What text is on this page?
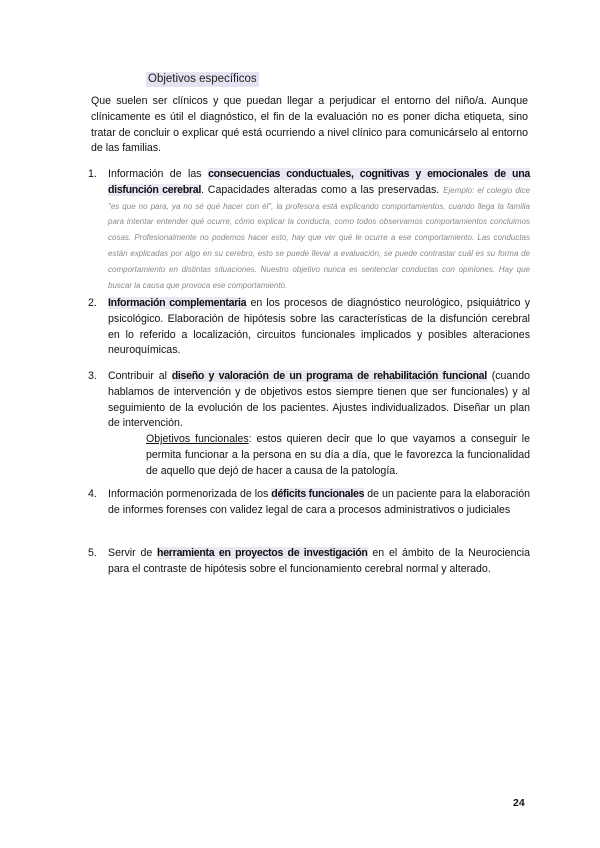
Objetivos específicos

Que suelen ser clínicos y que puedan llegar a perjudicar el entorno del niño/a. Aunque clínicamente es útil el diagnóstico, el fin de la evaluación no es poner dicha etiqueta, sino tratar de concluir o explicar qué está ocurriendo a nivel clínico para comunicárselo al entorno de las familias.

1. Información de las consecuencias conductuales, cognitivas y emocionales de una disfunción cerebral. Capacidades alteradas como a las preservadas. Ejemplo: el colegio dice "es que no para, ya no sé qué hacer con él", la profesora está explicando comportamientos, cuando llega la familia para intentar entender qué ocurre, cómo explicar la conducta, como todos observamos comportamientos concluimos cosas. Profesionalmente no podemos hacer esto, hay que ver qué le ocurre a ese comportamiento. Las conductas están explicadas por algo en su cerebro, esto se puede llevar a evaluación, se puede contrastar cuál es su forma de comportamiento en distintas situaciones. Nuestro objetivo nunca es sentenciar conductas con opiniones. Hay que buscar la causa que provoca ese comportamiento.
2. Información complementaria en los procesos de diagnóstico neurológico, psiquiátrico y psicológico. Elaboración de hipótesis sobre las características de la disfunción cerebral en lo referido a localización, circuitos funcionales implicados y posibles alteraciones neuroquímicas.
3. Contribuir al diseño y valoración de un programa de rehabilitación funcional (cuando hablamos de intervención y de objetivos estos siempre tienen que ser funcionales) y al seguimiento de la evolución de los pacientes. Ajustes individualizados. Diseñar un plan de intervención.
Objetivos funcionales: estos quieren decir que lo que vayamos a conseguir le permita funcionar a la persona en su día a día, que le favorezca la funcionalidad de aquello que dejó de hacer a causa de la patología.
4. Información pormenorizada de los déficits funcionales de un paciente para la elaboración de informes forenses con validez legal de cara a procesos administrativos o judiciales
5. Servir de herramienta en proyectos de investigación en el ámbito de la Neurociencia para el contraste de hipótesis sobre el funcionamiento cerebral normal y alterado.
24
